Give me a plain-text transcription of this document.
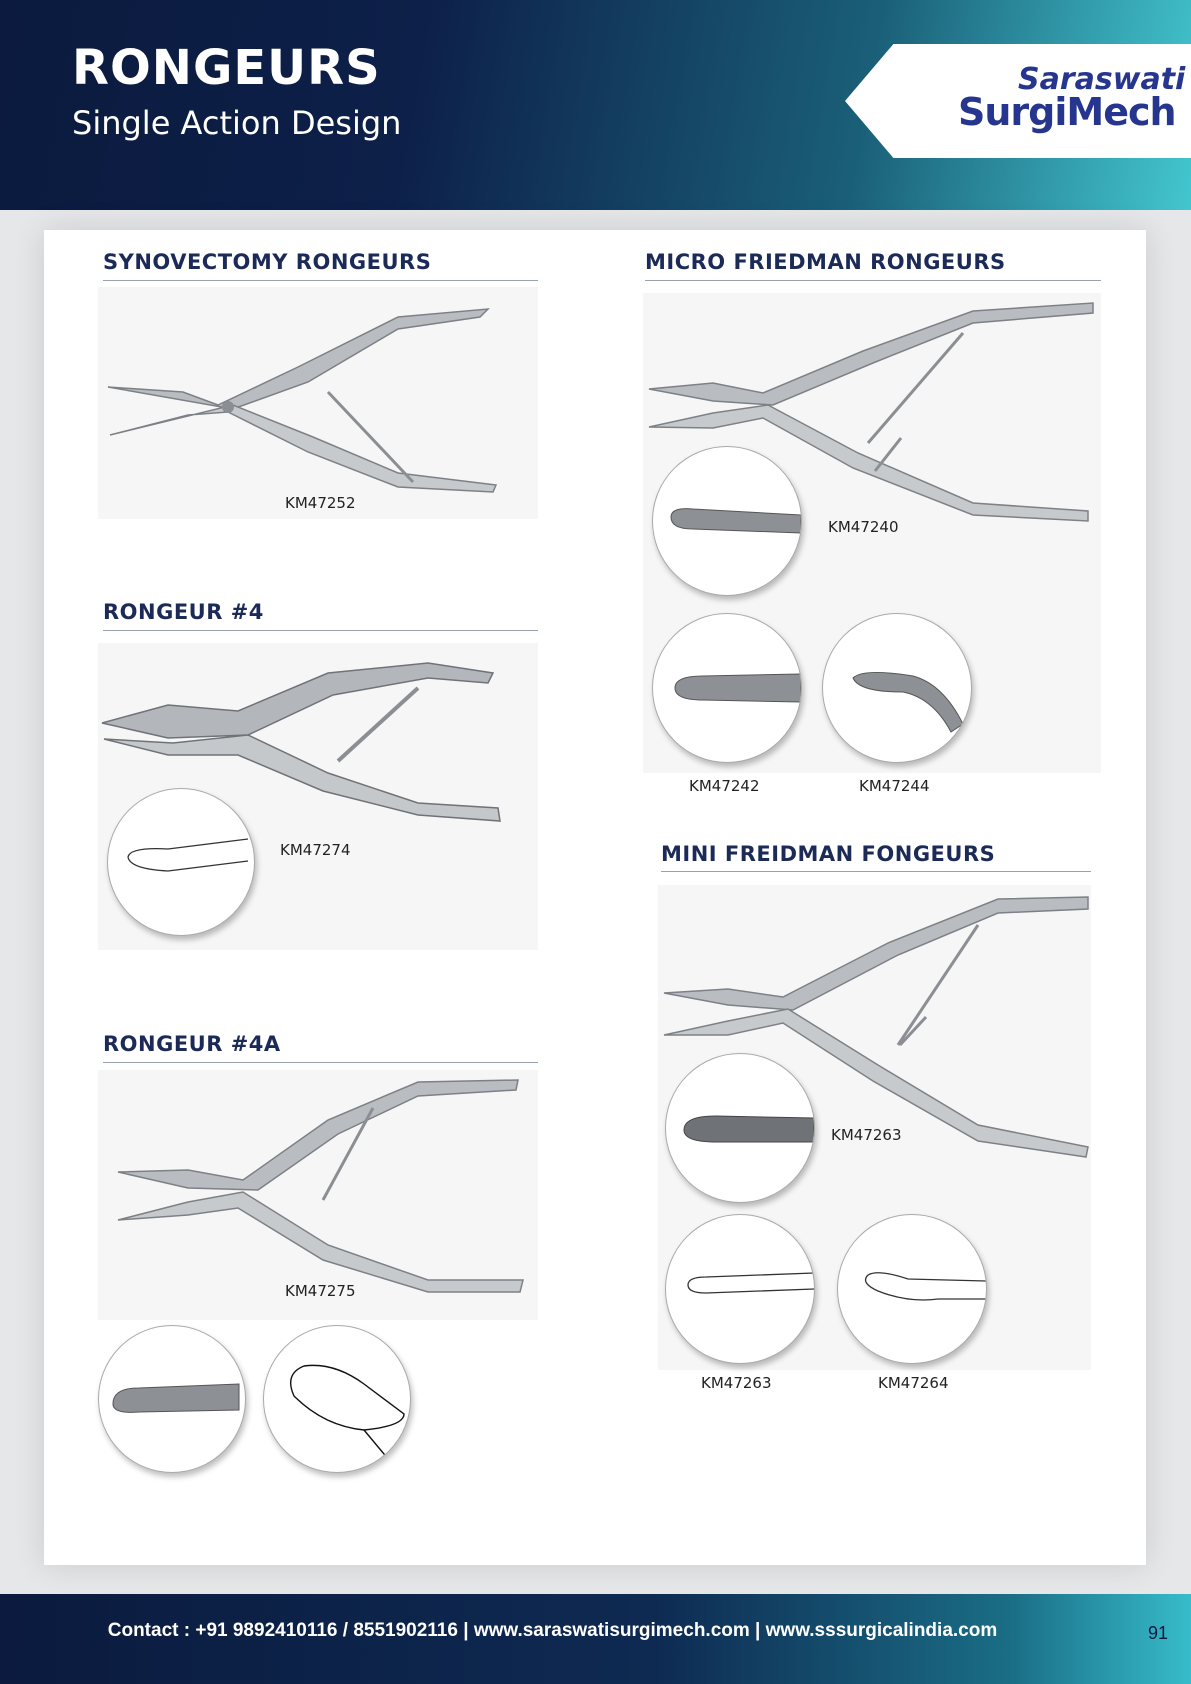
RONGEURS
Single Action Design
Saraswati
SurgiMech
SYNOVECTOMY RONGEURS
KM47252
RONGEUR #4
KM47274
RONGEUR #4A
KM47275
MICRO FRIEDMAN RONGEURS
KM47240
KM47242	KM47244
MINI FREIDMAN FONGEURS
KM47263
KM47263	KM47264
Contact : +91 9892410116 / 8551902116 | www.saraswatisurgimech.com | www.sssurgicalindia.com	91
